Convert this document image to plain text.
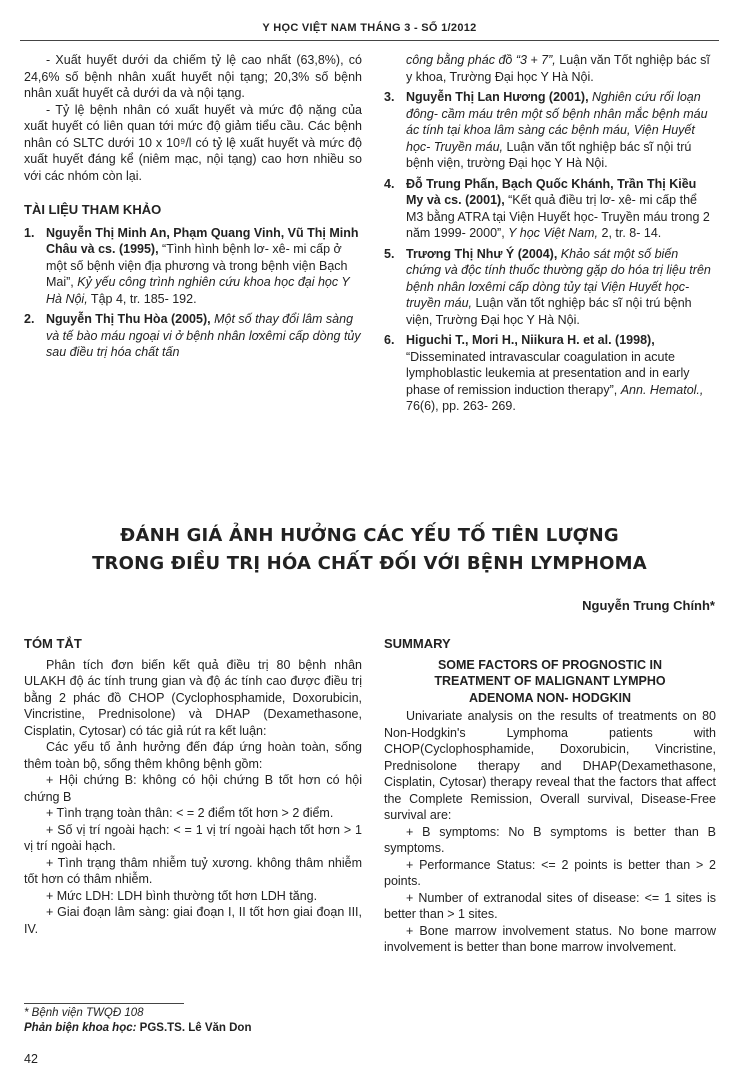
Y HỌC VIỆT NAM THÁNG 3 - SỐ 1/2012

- Xuất huyết dưới da chiếm tỷ lệ cao nhất (63,8%), có 24,6% số bệnh nhân xuất huyết nội tạng; 20,3% số bệnh nhân xuất huyết cả dưới da và nội tạng.

- Tỷ lệ bệnh nhân có xuất huyết và mức độ nặng của xuất huyết có liên quan tới mức độ giảm tiểu cầu. Các bệnh nhân có SLTC dưới 10 x 10⁹/l có tỷ lệ xuất huyết và mức độ xuất huyết đáng kể (niêm mạc, nội tạng) cao hơn nhiều so với các nhóm còn lại.

TÀI LIỆU THAM KHẢO
1. Nguyễn Thị Minh An, Phạm Quang Vinh, Vũ Thị Minh Châu và cs. (1995), “Tình hình bệnh lơ- xê- mi cấp ở một số bệnh viện địa phương và trong bệnh viện Bạch Mai”, Kỷ yếu công trình nghiên cứu khoa học đại học Y Hà Nội, Tập 4, tr. 185- 192.
2. Nguyễn Thị Thu Hòa (2005), Một số thay đổi lâm sàng và tế bào máu ngoại vi ở bệnh nhân lơxêmi cấp dòng tủy sau điều trị hóa chất tấn
công bằng phác đồ “3 + 7”, Luận văn Tốt nghiệp bác sĩ y khoa, Trường Đại học Y Hà Nội.
3. Nguyễn Thị Lan Hương (2001), Nghiên cứu rối loạn đông- cầm máu trên một số bệnh nhân mắc bệnh máu ác tính tại khoa lâm sàng các bệnh máu, Viện Huyết học- Truyền máu, Luận văn tốt nghiệp bác sĩ nội trú bệnh viện, trường Đại học Y Hà Nội.
4. Đỗ Trung Phấn, Bạch Quốc Khánh, Trần Thị Kiều My và cs. (2001), “Kết quả điều trị lơ- xê- mi cấp thể M3 bằng ATRA tại Viện Huyết học- Truyền máu trong 2 năm 1999- 2000”, Y học Việt Nam, 2, tr. 8- 14.
5. Trương Thị Như Ý (2004), Khảo sát một số biến chứng và độc tính thuốc thường gặp do hóa trị liệu trên bệnh nhân lơxêmi cấp dòng tủy tại Viện Huyết học- truyền máu, Luận văn tốt nghiệp bác sĩ nội trú bệnh viện, Trường Đại học Y Hà Nội.
6. Higuchi T., Mori H., Niikura H. et al. (1998), “Disseminated intravascular coagulation in acute lymphoblastic leukemia at presentation and in early phase of remission induction therapy”, Ann. Hematol., 76(6), pp. 263- 269.
ĐÁNH GIÁ ẢNH HƯỞNG CÁC YẾU TỐ TIÊN LƯỢNG
TRONG ĐIỀU TRỊ HÓA CHẤT ĐỐI VỚI BỆNH LYMPHOMA
Nguyễn Trung Chính*
TÓM TẮT

Phân tích đơn biến kết quả điều trị 80 bệnh nhân ULAKH độ ác tính trung gian và độ ác tính cao được điều trị bằng 2 phác đồ CHOP (Cyclophosphamide, Doxorubicin, Vincristine, Prednisolone) và DHAP (Dexamethasone, Cisplatin, Cytosar) có tác giả rút ra kết luận:

Các yếu tố ảnh hưởng đến đáp ứng hoàn toàn, sống thêm toàn bộ, sống thêm không bệnh gồm:

+ Hội chứng B: không có hội chứng B tốt hơn có hội chứng B

+ Tình trạng toàn thân: < = 2 điểm tốt hơn > 2 điểm.

+ Số vị trí ngoài hạch: < = 1 vị trí ngoài hạch tốt hơn > 1 vị trí ngoài hạch.

+ Tình trạng thâm nhiễm tuỷ xương. không thâm nhiễm tốt hơn có thâm nhiễm.

+ Mức LDH: LDH bình thường tốt hơn LDH tăng.

+ Giai đoạn lâm sàng: giai đoạn I, II tốt hơn giai đoạn III, IV.

SUMMARY
SOME FACTORS OF PROGNOSTIC IN
TREATMENT OF MALIGNANT LYMPHO
ADENOMA NON- HODGKIN

Univariate analysis on the results of treatments on 80 Non-Hodgkin's Lymphoma patients with CHOP(Cyclophosphamide, Doxorubicin, Vincristine, Prednisolone therapy and DHAP(Dexamethasone, Cisplatin, Cytosar) therapy reveal that the factors that affect the Complete Remission, Overall survival, Disease-Free survival are:

+ B symptoms: No B symptoms is better than B symptoms.

+ Performance Status: <= 2 points is better than > 2 points.

+ Number of extranodal sites of disease: <= 1 sites is better than > 1 sites.

+ Bone marrow involvement status. No bone marrow involvement is better than bone marrow involvement.

* Bệnh viện TWQĐ 108
Phản biện khoa học: PGS.TS. Lê Văn Don
42
